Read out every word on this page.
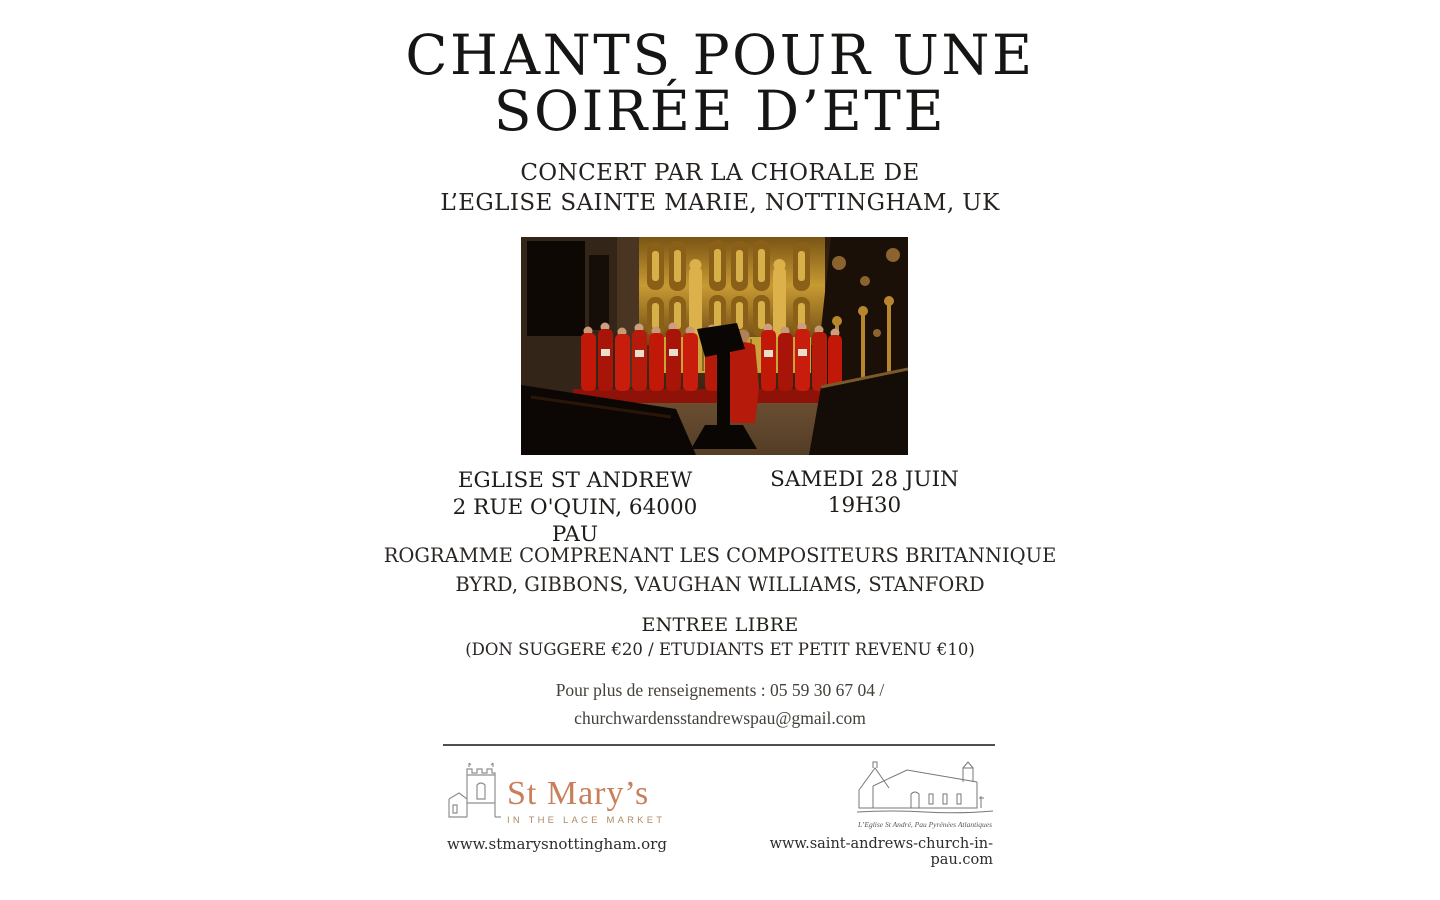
CHANTS POUR UNE
SOIRÉE D’ETE
CONCERT PAR LA CHORALE DE
L’EGLISE SAINTE MARIE, NOTTINGHAM, UK
EGLISE ST ANDREW
2 RUE O'QUIN, 64000 PAU
SAMEDI 28 JUIN
19H30
ROGRAMME COMPRENANT LES COMPOSITEURS BRITANNIQUE
BYRD, GIBBONS, VAUGHAN WILLIAMS, STANFORD
ENTREE LIBRE
(DON SUGGERE €20 / ETUDIANTS ET PETIT REVENU €10)
Pour plus de renseignements : 05 59 30 67 04 /
churchwardensstandrewspau@gmail.com
St Mary’s
IN THE LACE MARKET
www.stmarysnottingham.org
L’Eglise St André, Pau Pyrénées Atlantiques
www.saint-andrews-church-in-pau.com
